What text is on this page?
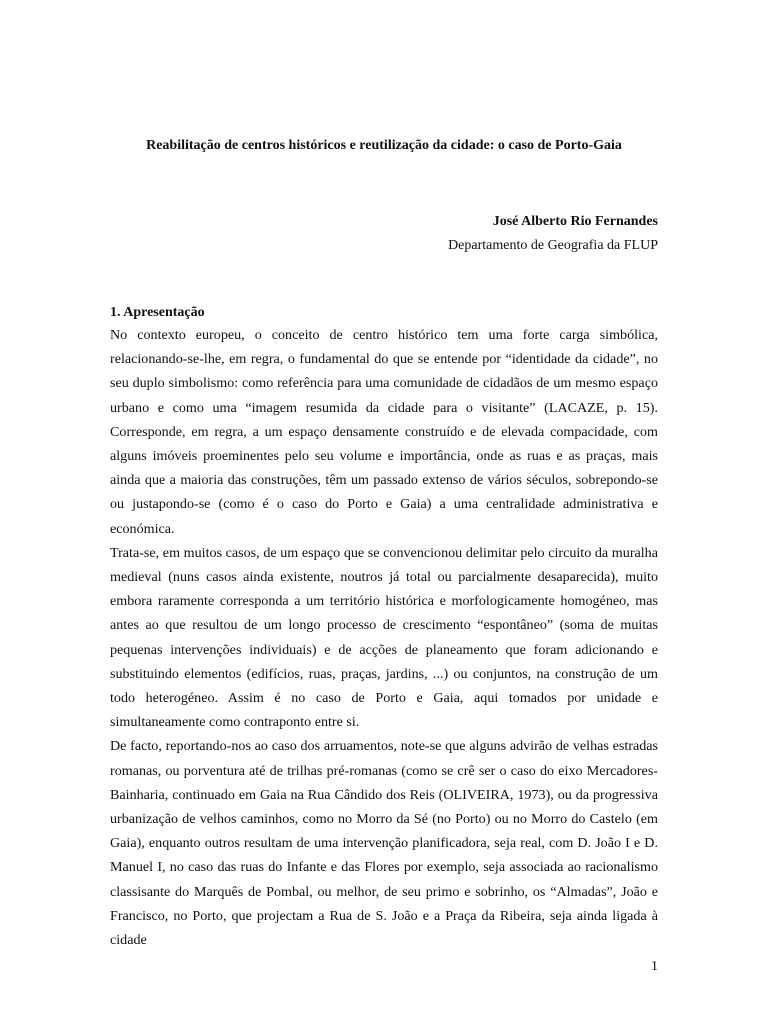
Reabilitação de centros históricos e reutilização da cidade: o caso de Porto-Gaia
José Alberto Rio Fernandes
Departamento de Geografia da FLUP
1. Apresentação

No contexto europeu, o conceito de centro histórico tem uma forte carga simbólica, relacionando-se-lhe, em regra, o fundamental do que se entende por “identidade da cidade”, no seu duplo simbolismo: como referência para uma comunidade de cidadãos de um mesmo espaço urbano e como uma “imagem resumida da cidade para o visitante” (LACAZE, p. 15). Corresponde, em regra, a um espaço densamente construído e de elevada compacidade, com alguns imóveis proeminentes pelo seu volume e importância, onde as ruas e as praças, mais ainda que a maioria das construções, têm um passado extenso de vários séculos, sobrepondo-se ou justapondo-se (como é o caso do Porto e Gaia) a uma centralidade administrativa e económica.

Trata-se, em muitos casos, de um espaço que se convencionou delimitar pelo circuito da muralha medieval (nuns casos ainda existente, noutros já total ou parcialmente desaparecida), muito embora raramente corresponda a um território histórica e morfologicamente homogéneo, mas antes ao que resultou de um longo processo de crescimento “espontâneo” (soma de muitas pequenas intervenções individuais) e de acções de planeamento que foram adicionando e substituindo elementos (edifícios, ruas, praças, jardins, ...) ou conjuntos, na construção de um todo heterogéneo. Assim é no caso de Porto e Gaia, aqui tomados por unidade e simultaneamente como contraponto entre si.

De facto, reportando-nos ao caso dos arruamentos, note-se que alguns advirão de velhas estradas romanas, ou porventura até de trilhas pré-romanas (como se crê ser o caso do eixo Mercadores-Bainharia, continuado em Gaia na Rua Cândido dos Reis (OLIVEIRA, 1973), ou da progressiva urbanização de velhos caminhos, como no Morro da Sé (no Porto) ou no Morro do Castelo (em Gaia), enquanto outros resultam de uma intervenção planificadora, seja real, com D. João I e D. Manuel I, no caso das ruas do Infante e das Flores por exemplo, seja associada ao racionalismo classisante do Marquês de Pombal, ou melhor, de seu primo e sobrinho, os “Almadas”, João e Francisco, no Porto, que projectam a Rua de S. João e a Praça da Ribeira, seja ainda ligada à cidade

1
